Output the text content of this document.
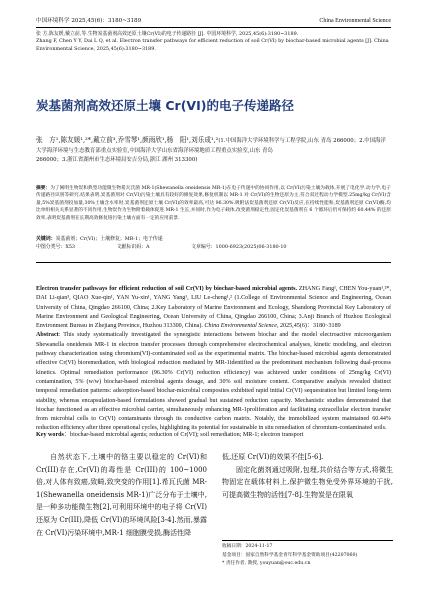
中国环境科学 2025,45(6)：3180~3189	China Environmental Science
张 方,陈友媛,戴立前,等.生物炭基菌剂高效还原土壤Cr(VI)的电子传递路径 [J]. 中国环境科学, 2025,45(6):3180~3189.
Zhang F, Chen Y Y, Dai L Q, et al. Electron transfer pathways for efficient reduction of soil Cr(VI) by biochar-based microbial agents [J]. China Environmental Science, 2025,45(6):3180~3189.
炭基菌剂高效还原土壤 Cr(VI)的电子传递路径
张　方¹,陈友媛¹,²*,戴立前³,乔雪琴¹,颜雨欣¹,杨　阳¹,刘乐成¹,²(1.中国海洋大学环境科学与工程学院,山东 青岛 266000；2.中国海洋大学海洋环境与生态教育部重点实验室,中国海洋大学山东省海洋环境地质工程重点实验室,山东 青岛
266000；3.浙江省湖州市生态环境局安吉分局,浙江 湖州 313300)
摘要：为了阐明生物炭和典型功能微生物希瓦氏菌 MR-1(Shewanella oneidensis MR-1)在电子传递中的协同作用,以 Cr(VI)污染土壤为载体,开展了电化学,动力学,电子传递路径识别等研究.结果表明,炭基菌剂对 Cr(VI)污染土壤具有较好的修复效果,修复机制以 MR-1 对 Cr(VI)的生物还原为主,符合双过程动力学模型.25mg/kg Cr(VI)含量,5%炭基菌剂投加量,30%土壤含水率时,炭基菌剂还原土壤 Cr(VI)的效率最高,可达 96.30%.吸附法炭基菌剂还原 Cr(VI)反应,在持续性能和,炭基菌剂还原 Cr(VI)酶,均比单组相关关系显著的不同作用,生物炭作为生物附着载体促进 MR-1 生长,并同时,作为电子载体,改变菌剂稳定性,固定化炭基菌剂在 6 个循环后仍可保持约 60.44% 的还原效率,表明炭基菌剂在长期高效修复铬污染土壤方面有一定的应用前景.
关键词：炭基菌剂；Cr(VI)；土壤修复；MR-1；电子传递
中图分类号：X53	文献标识码：A	文章编号：1000-6923(2025)06-3180-10
Electron transfer pathways for efficient reduction of soil Cr(VI) by biochar-based microbial agents. ZHANG Fang¹, CHEN You-yuan¹,²*, DAI Li-qian³, QIAO Xue-qin¹, YAN Yu-xin¹, YANG Yang¹, LIU Le-cheng¹,² (1.College of Environmental Science and Engineering, Ocean University of China, Qingdao 266100, China; 2.Key Laboratory of Marine Environment and Ecology, Shandong Provincial Key Laboratory of Marine Environment and Geological Engineering, Ocean University of China, Qingdao 266100, China; 3.Anji Branch of Huzhou Ecological Environment Bureau in Zhejiang Province, Huzhou 313300, China). China Environmental Science, 2025,45(6)：3180~3189
Abstract: This study systematically investigated the synergistic interactions between biochar and the model electroactive microorganism Shewanella oneidensis MR-1 in electron transfer processes through comprehensive electrochemical analyses, kinetic modeling, and electron pathway characterization using chromium(VI)-contaminated soil as the experimental matrix. The biochar-based microbial agents demonstrated effective Cr(VI) bioremediation, with biological reduction mediated by MR-1identified as the predominant mechanism following dual-process kinetics. Optimal remediation performance (96.30% Cr(VI) reduction efficiency) was achieved under conditions of 25mg/kg Cr(VI) contamination, 5% (w/w) biochar-based microbial agents dosage, and 30% soil moisture content. Comparative analysis revealed distinct temporal remediation patterns: adsorption-based biochar-microbial composites exhibited rapid initial Cr(VI) sequestration but limited long-term stability, whereas encapsulation-based formulations showed gradual but sustained reduction capacity. Mechanistic studies demonstrated that biochar functioned as an effective microbial carrier, simultaneously enhancing MR-1proliferation and facilitating extracellular electron transfer from microbial cells to Cr(VI) contaminants through its conductive carbon matrix. Notably, the immobilized system maintained 60.44% reduction efficiency after three operational cycles, highlighting its potential for sustainable in situ remediation of chromium-contaminated soils.
Key words：biochar-based microbial agents; reduction of Cr(VI); soil remediation; MR-1; electron transport

自然状态下,土壤中的铬主要以稳定的 Cr(VI)和 Cr(III)存在,Cr(VI)的毒性是 Cr(III)的 100~1000 倍,对人体有致癌,致畸,致突变的作用[1].希瓦氏菌 MR-1(Shewanella oneidensis MR-1)广泛分布于土壤中,是一种多功能微生物[2],可利用环境中的电子将 Cr(VI)还原为 Cr(III),降低 Cr(VI)的环境风险[3-4].然而,暴露在 Cr(VI)污染环境中,MR-1 细胞膜受损,酶活性降

低,还原 Cr(VI)的效果不佳[5-6].

固定化菌剂通过吸附,包埋,共价结合等方式,将微生物固定在载体材料上,保护微生物免受外界环境的干扰,可提高微生物的活性[7-8].生物炭是在限氧

收稿日期：2024-11-17
基金项目：国家自然科学基金青年科学基金资助项目(42207060)
* 责任作者, 教授, youyuan@ouc.edu.cn
